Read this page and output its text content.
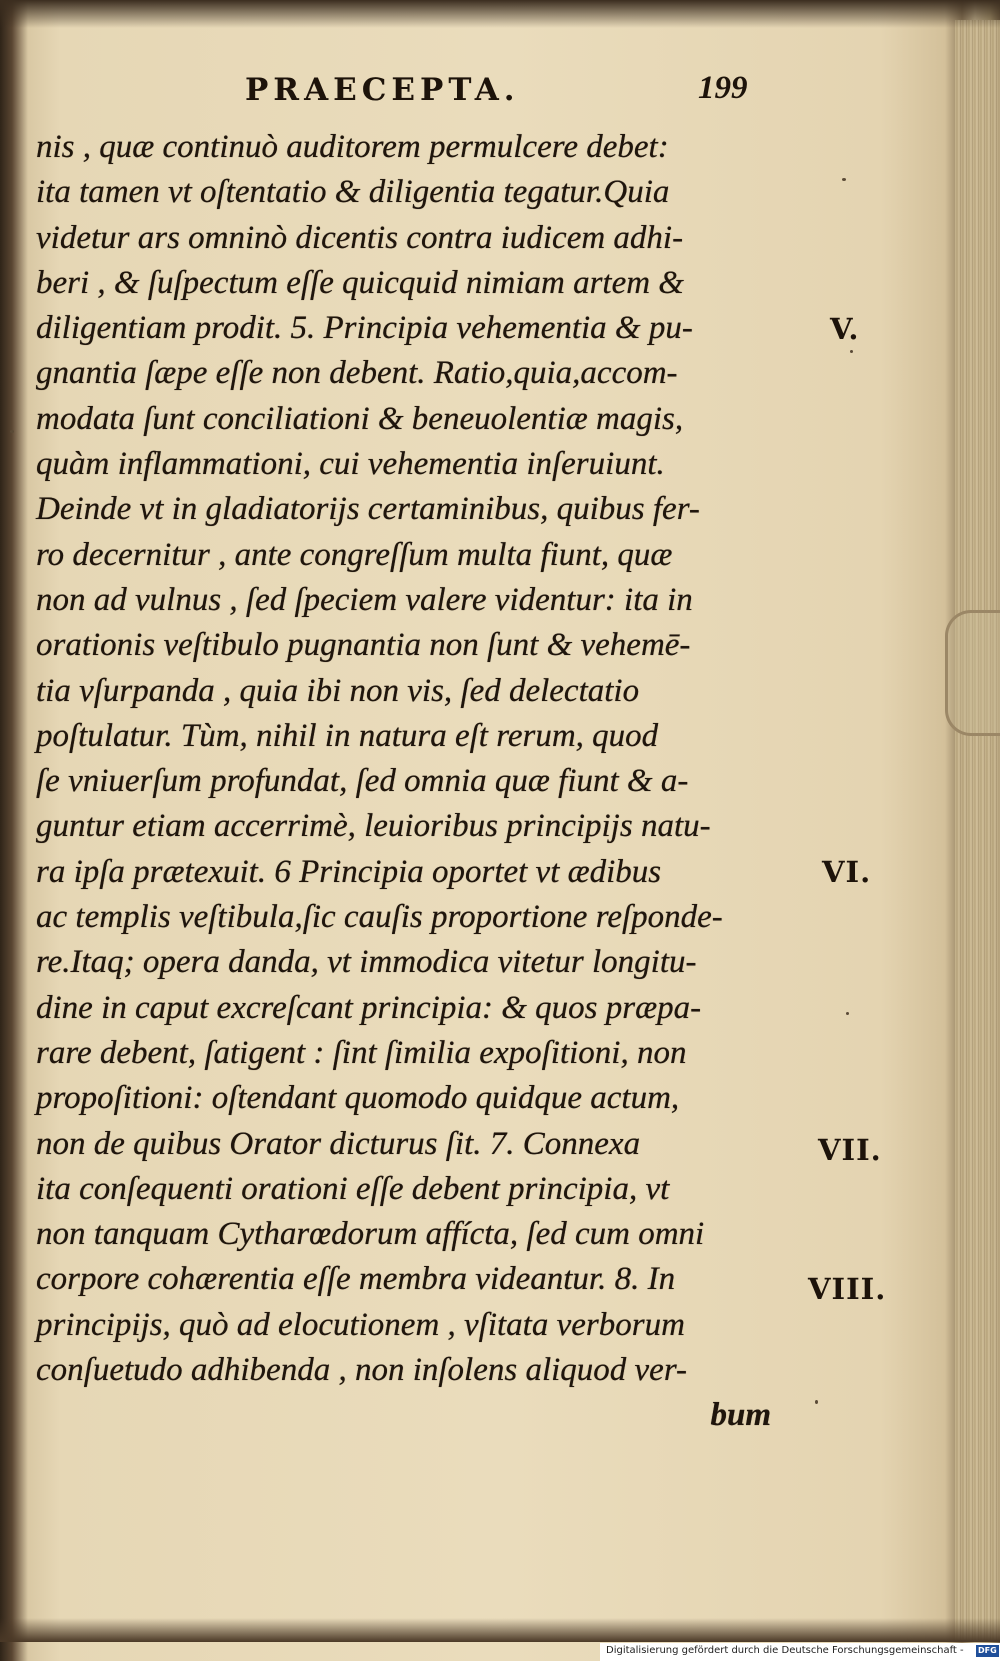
PRAECEPTA.	199
nis , quæ continuò auditorem permulcere debet:
ita tamen vt oſtentatio & diligentia tegatur.Quia
videtur ars omninò dicentis contra iudicem adhi-
beri , & ſuſpectum eſſe quicquid nimiam artem &
diligentiam prodit. 5. Principia vehementia & pu-
gnantia ſæpe eſſe non debent. Ratio,quia,accom-
modata ſunt conciliationi & beneuolentiæ magis,
quàm inflammationi, cui vehementia inſeruiunt.
Deinde vt in gladiatorijs certaminibus, quibus fer-
ro decernitur , ante congreſſum multa fiunt, quæ
non ad vulnus , ſed ſpeciem valere videntur: ita in
orationis veſtibulo pugnantia non ſunt & vehemē-
tia vſurpanda , quia ibi non vis, ſed delectatio
poſtulatur. Tùm, nihil in natura eſt rerum, quod
ſe vniuerſum profundat, ſed omnia quæ fiunt & a-
guntur etiam accerrimè, leuioribus principijs natu-
ra ipſa prætexuit. 6 Principia oportet vt ædibus
ac templis veſtibula,ſic cauſis proportione reſponde-
re.Itaq; opera danda, vt immodica vitetur longitu-
dine in caput excreſcant principia: & quos præpa-
rare debent, ſatigent : ſint ſimilia expoſitioni, non
propoſitioni: oſtendant quomodo quidque actum,
non de quibus Orator dicturus ſit. 7. Connexa
ita conſequenti orationi eſſe debent principia, vt
non tanquam Cytharœdorum affícta, ſed cum omni
corpore cohærentia eſſe membra videantur. 8. In
principijs, quò ad elocutionem , vſitata verborum
conſuetudo adhibenda , non inſolens aliquod ver-
bum
V.
VI.
VII.
VIII.
Digitalisierung gefördert durch die Deutsche Forschungsgemeinschaft - DFG
